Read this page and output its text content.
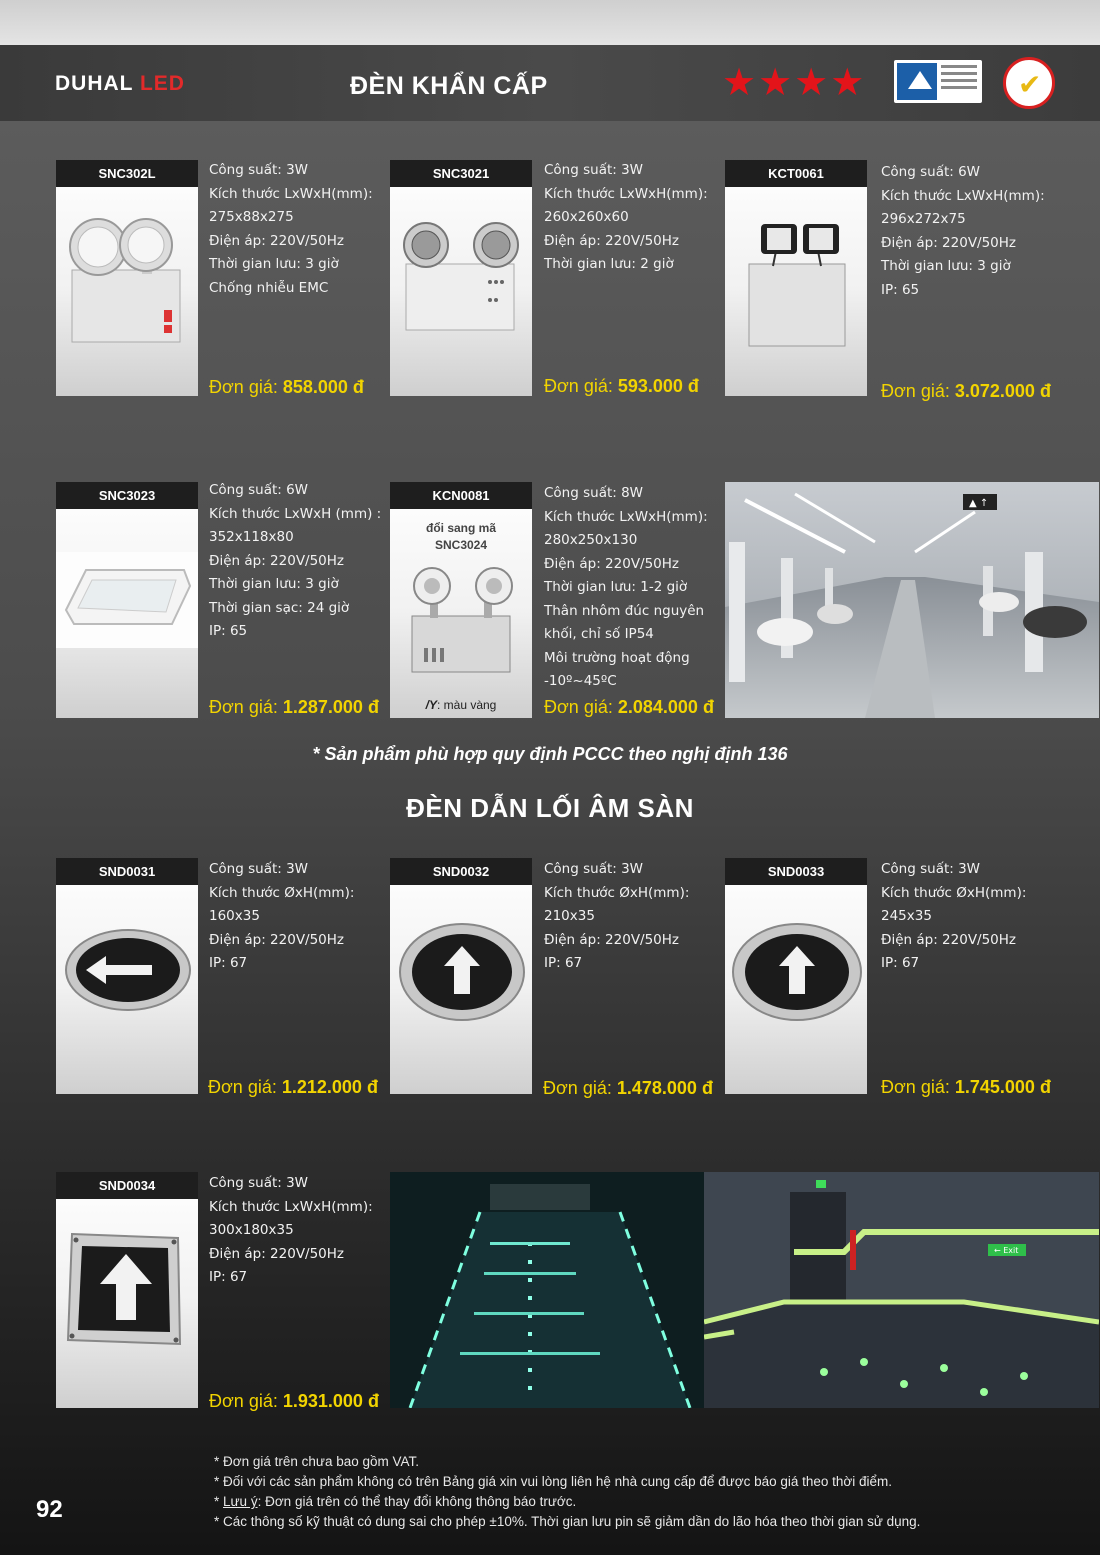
DUHAL LED	ĐÈN KHẨN CẤP	★ ★ ★ ★	✔
SNC302L	Công suất: 3W
Kích thước LxWxH(mm):
275x88x275
Điện áp: 220V/50Hz
Thời gian lưu: 3 giờ
Chống nhiễu EMC
Đơn giá: 858.000 đ
SNC3021	Công suất: 3W
Kích thước LxWxH(mm):
260x260x60
Điện áp: 220V/50Hz
Thời gian lưu: 2 giờ
Đơn giá: 593.000 đ
KCT0061	Công suất: 6W
Kích thước LxWxH(mm):
296x272x75
Điện áp: 220V/50Hz
Thời gian lưu: 3 giờ
IP: 65
Đơn giá: 3.072.000 đ
SNC3023	Công suất: 6W
Kích thước LxWxH (mm) :
352x118x80
Điện áp: 220V/50Hz
Thời gian lưu: 3 giờ
Thời gian sạc: 24 giờ
IP: 65
Đơn giá: 1.287.000 đ
KCN0081
đổi sang mã
SNC3024
/Y: màu vàng
Công suất: 8W
Kích thước LxWxH(mm):
280x250x130
Điện áp: 220V/50Hz
Thời gian lưu: 1-2 giờ
Thân nhôm đúc nguyên
khối, chỉ số IP54
Môi trường hoạt động
-10º~45ºC
Đơn giá: 2.084.000 đ
▲ ↑
* Sản phẩm phù hợp quy định PCCC theo nghị định 136
ĐÈN DẪN LỐI ÂM SÀN
SND0031	Công suất: 3W
Kích thước ØxH(mm):
160x35
Điện áp: 220V/50Hz
IP: 67
Đơn giá: 1.212.000 đ
SND0032	Công suất: 3W
Kích thước ØxH(mm):
210x35
Điện áp: 220V/50Hz
IP: 67
Đơn giá: 1.478.000 đ
SND0033	Công suất: 3W
Kích thước ØxH(mm):
245x35
Điện áp: 220V/50Hz
IP: 67
Đơn giá: 1.745.000 đ
SND0034	Công suất: 3W
Kích thước LxWxH(mm):
300x180x35
Điện áp: 220V/50Hz
IP: 67
Đơn giá: 1.931.000 đ
← Exit
* Đơn giá trên chưa bao gồm VAT.
* Đối với các sản phẩm không có trên Bảng giá xin vui lòng liên hệ nhà cung cấp để được báo giá theo thời điểm.
* Lưu ý: Đơn giá trên có thể thay đổi không thông báo trước.
* Các thông số kỹ thuật có dung sai cho phép ±10%. Thời gian lưu pin sẽ giảm dần do lão hóa theo thời gian sử dụng.
92
